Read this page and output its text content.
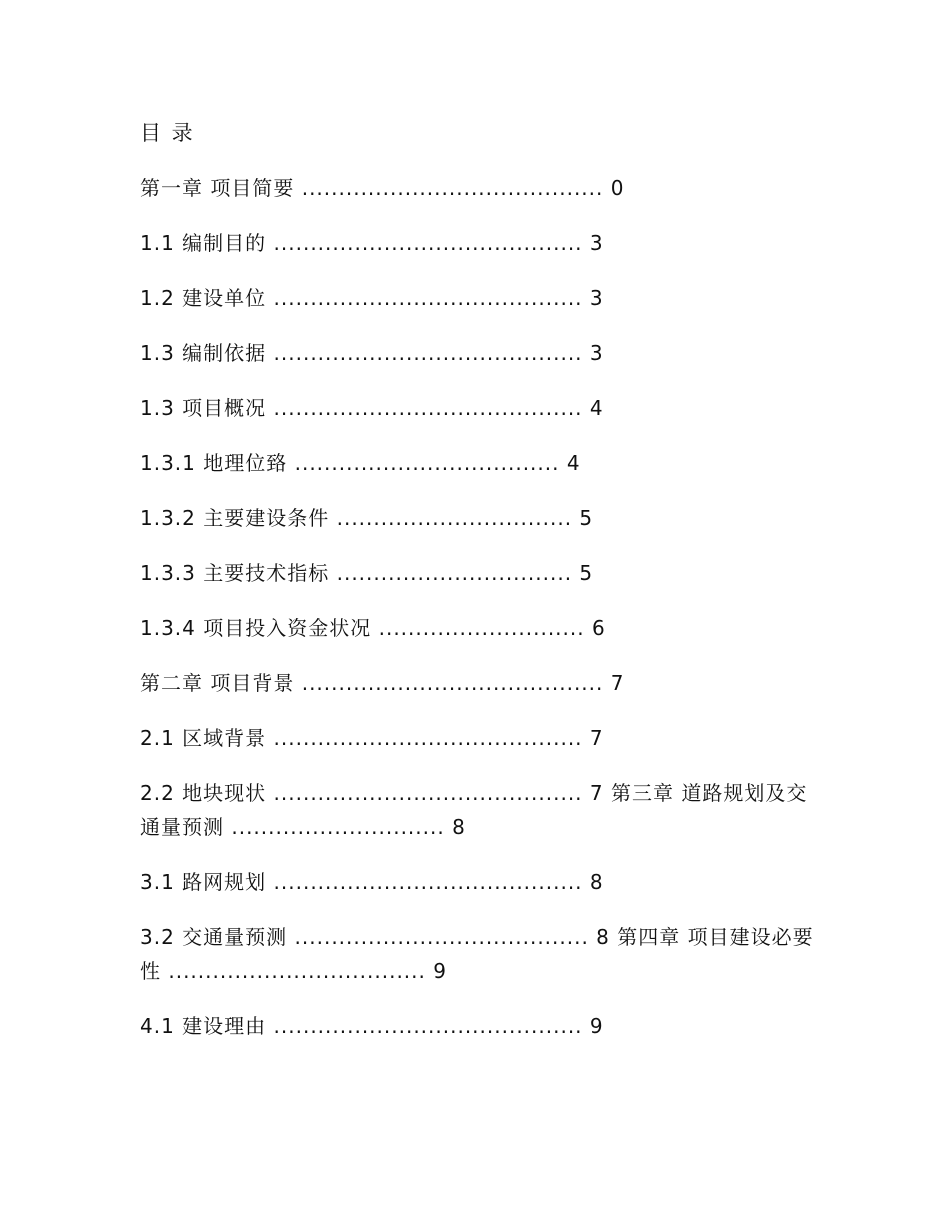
目 录
第一章 项目简要 ......................................... 0
1.1 编制目的 .......................................... 3
1.2 建设单位 .......................................... 3
1.3 编制依据 .......................................... 3
1.3 项目概况 .......................................... 4
1.3.1 地理位臵 .................................... 4
1.3.2 主要建设条件 ................................ 5
1.3.3 主要技术指标 ................................ 5
1.3.4 项目投入资金状况 ............................ 6
第二章 项目背景 ......................................... 7
2.1 区域背景 .......................................... 7
2.2 地块现状 .......................................... 7 第三章 道路规划及交通量预测 ............................. 8
3.1 路网规划 .......................................... 8
3.2 交通量预测 ........................................ 8 第四章 项目建设必要性 ................................... 9
4.1 建设理由 .......................................... 9
